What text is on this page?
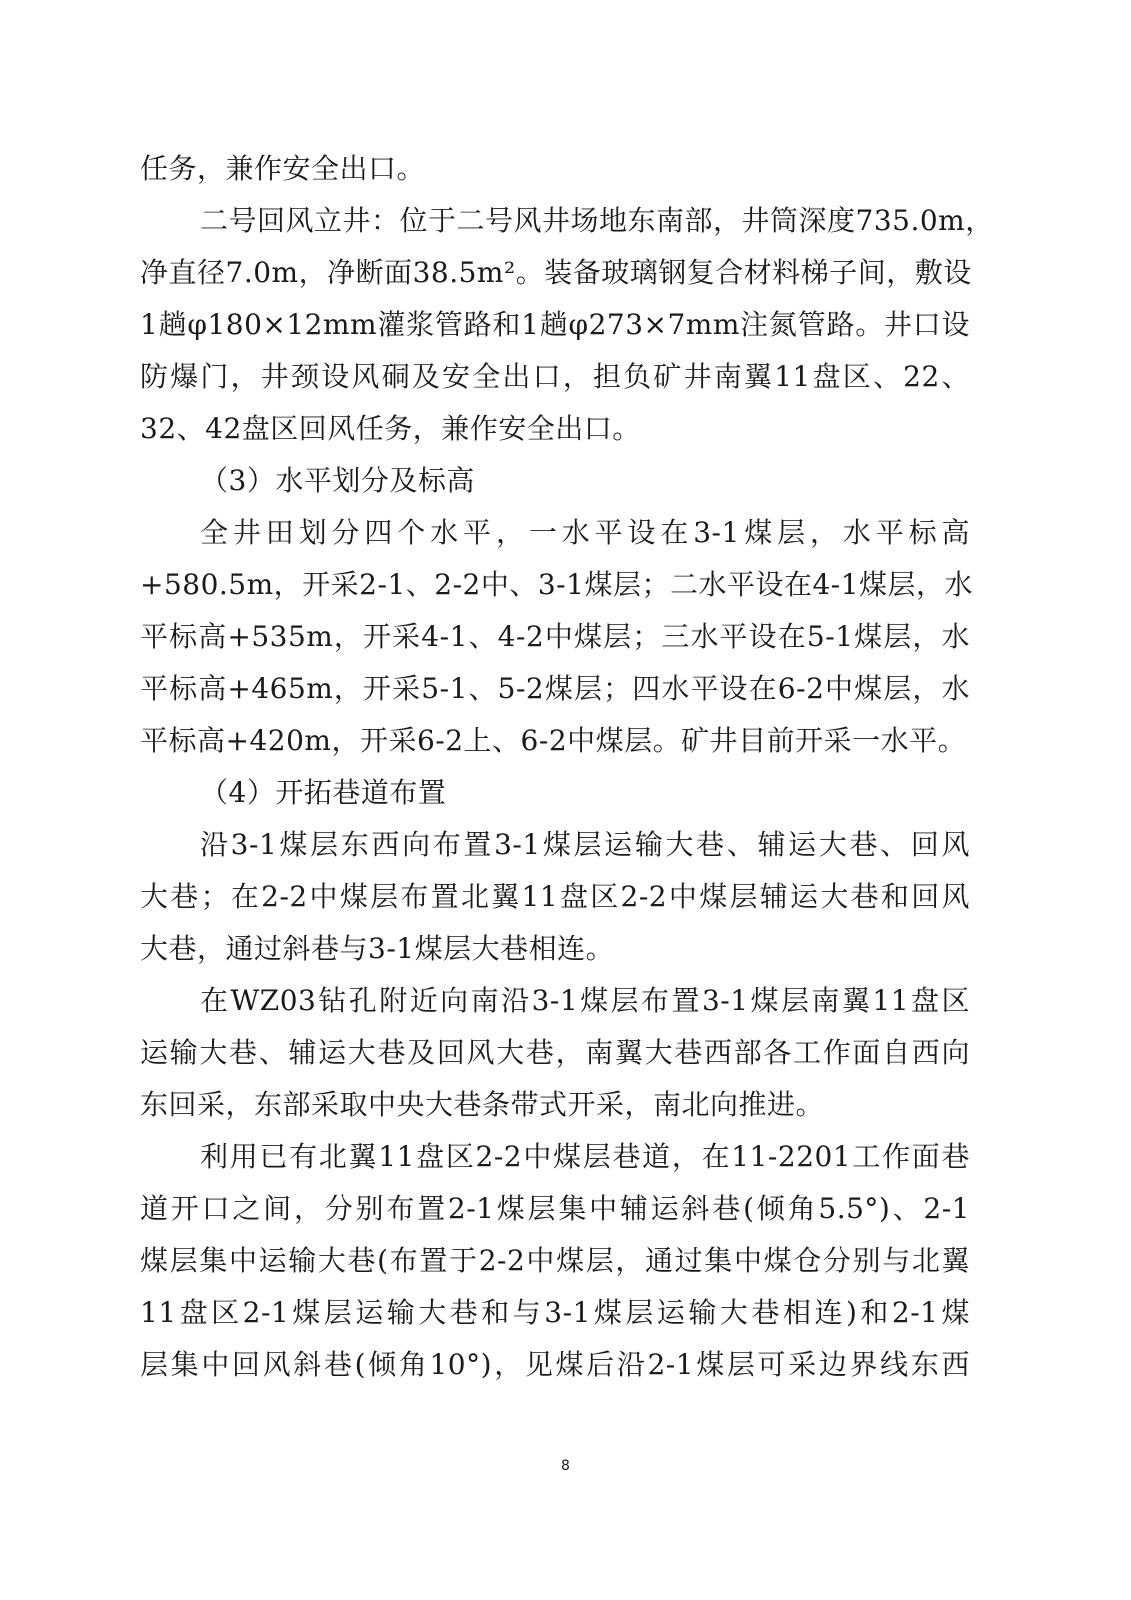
任务，兼作安全出口。
二号回风立井：位于二号风井场地东南部，井筒深度735.0m，
净直径7.0m，净断面38.5m²。装备玻璃钢复合材料梯子间，敷设
1趟φ180×12mm灌浆管路和1趟φ273×7mm注氮管路。井口设
防爆门，井颈设风硐及安全出口，担负矿井南翼11盘区、22、
32、42盘区回风任务，兼作安全出口。
（3）水平划分及标高
全井田划分四个水平，一水平设在3-1煤层，水平标高
+580.5m，开采2-1、2-2中、3-1煤层；二水平设在4-1煤层，水
平标高+535m，开采4-1、4-2中煤层；三水平设在5-1煤层，水
平标高+465m，开采5-1、5-2煤层；四水平设在6-2中煤层，水
平标高+420m，开采6-2上、6-2中煤层。矿井目前开采一水平。
（4）开拓巷道布置
沿3-1煤层东西向布置3-1煤层运输大巷、辅运大巷、回风
大巷；在2-2中煤层布置北翼11盘区2-2中煤层辅运大巷和回风
大巷，通过斜巷与3-1煤层大巷相连。
在WZ03钻孔附近向南沿3-1煤层布置3-1煤层南翼11盘区
运输大巷、辅运大巷及回风大巷，南翼大巷西部各工作面自西向
东回采，东部采取中央大巷条带式开采，南北向推进。
利用已有北翼11盘区2-2中煤层巷道，在11-2201工作面巷
道开口之间，分别布置2-1煤层集中辅运斜巷(倾角5.5°)、2-1
煤层集中运输大巷(布置于2-2中煤层，通过集中煤仓分别与北翼
11盘区2-1煤层运输大巷和与3-1煤层运输大巷相连)和2-1煤
层集中回风斜巷(倾角10°)，见煤后沿2-1煤层可采边界线东西
8
